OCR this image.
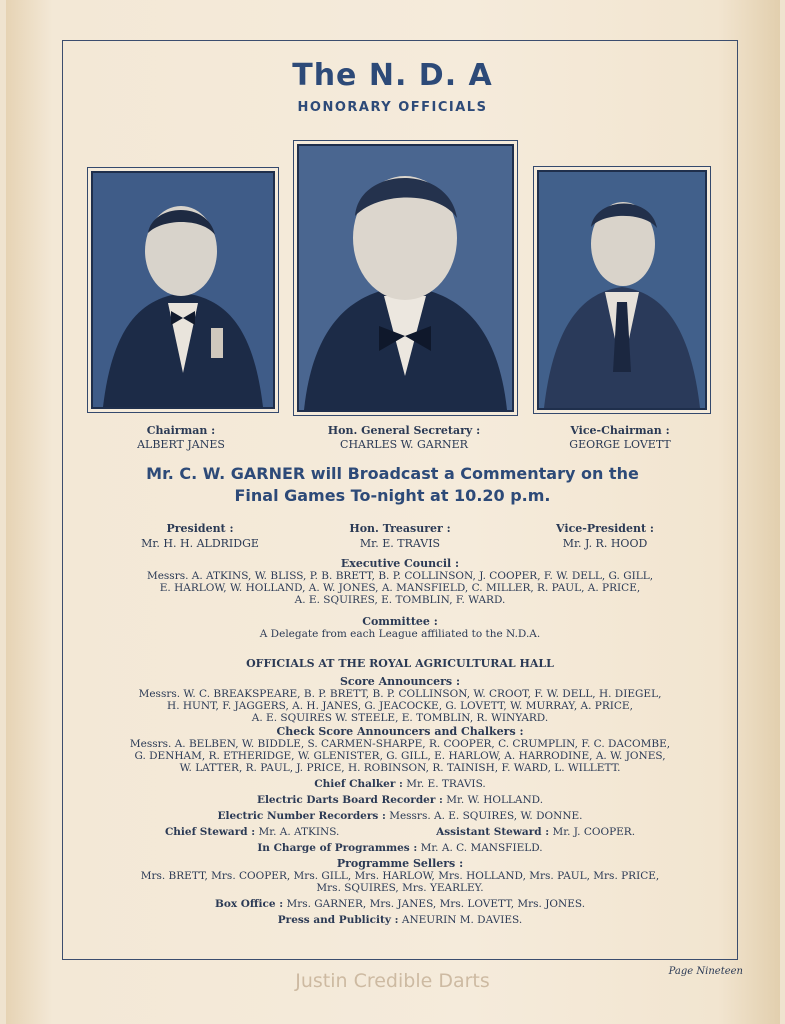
The N. D. A
HONORARY OFFICIALS
Chairman :
ALBERT JANES
Hon. General Secretary :
CHARLES W. GARNER
Vice-Chairman :
GEORGE LOVETT
Mr. C. W. GARNER will Broadcast a Commentary on the
Final Games To-night at 10.20 p.m.
President :
Mr. H. H. ALDRIDGE
Hon. Treasurer :
Mr. E. TRAVIS
Vice-President :
Mr. J. R. HOOD
Executive Council :
Messrs. A. ATKINS, W. BLISS, P. B. BRETT, B. P. COLLINSON, J. COOPER, F. W. DELL, G. GILL,
E. HARLOW, W. HOLLAND, A. W. JONES, A. MANSFIELD, C. MILLER, R. PAUL, A. PRICE,
A. E. SQUIRES, E. TOMBLIN, F. WARD.
Committee :
A Delegate from each League affiliated to the N.D.A.
OFFICIALS AT THE ROYAL AGRICULTURAL HALL
Score Announcers :
Messrs. W. C. BREAKSPEARE, B. P. BRETT, B. P. COLLINSON, W. CROOT, F. W. DELL, H. DIEGEL,
H. HUNT, F. JAGGERS, A. H. JANES, G. JEACOCKE, G. LOVETT, W. MURRAY, A. PRICE,
A. E. SQUIRES W. STEELE, E. TOMBLIN, R. WINYARD.
Check Score Announcers and Chalkers :
Messrs. A. BELBEN, W. BIDDLE, S. CARMEN-SHARPE, R. COOPER, C. CRUMPLIN, F. C. DACOMBE,
G. DENHAM, R. ETHERIDGE, W. GLENISTER, G. GILL, E. HARLOW, A. HARRODINE, A. W. JONES,
W. LATTER, R. PAUL, J. PRICE, H. ROBINSON, R. TAINISH, F. WARD, L. WILLETT.
Chief Chalker : Mr. E. TRAVIS.
Electric Darts Board Recorder : Mr. W. HOLLAND.
Electric Number Recorders : Messrs. A. E. SQUIRES, W. DONNE.
Chief Steward : Mr. A. ATKINS.	Assistant Steward : Mr. J. COOPER.
In Charge of Programmes : Mr. A. C. MANSFIELD.
Programme Sellers :
Mrs. BRETT, Mrs. COOPER, Mrs. GILL, Mrs. HARLOW, Mrs. HOLLAND, Mrs. PAUL, Mrs. PRICE,
Mrs. SQUIRES, Mrs. YEARLEY.
Box Office : Mrs. GARNER, Mrs. JANES, Mrs. LOVETT, Mrs. JONES.
Press and Publicity : ANEURIN M. DAVIES.
Page Nineteen
Justin Credible Darts
